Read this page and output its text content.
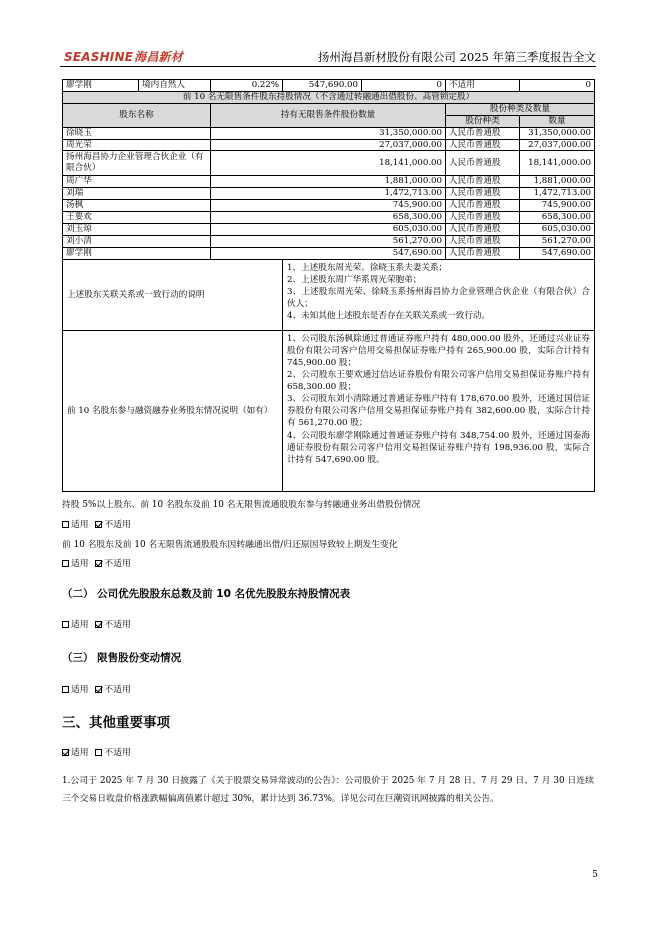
SEASHINE海昌新材	扬州海昌新材股份有限公司 2025 年第三季度报告全文
廖学刚	境内自然人	0.22%	547,690.00	0	不适用	0
前 10 名无限售条件股东持股情况（不含通过转融通出借股份、高管锁定股）						
股东名称		持有无限售条件股份数量			股份种类及数量	
					股份种类	数量
徐晓玉		31,350,000.00			人民币普通股	31,350,000.00
周光荣		27,037,000.00			人民币普通股	27,037,000.00
扬州海昌协力企业管理合伙企业（有限合伙）		18,141,000.00			人民币普通股	18,141,000.00
周广华		1,881,000.00			人民币普通股	1,881,000.00
刘瑞		1,472,713.00			人民币普通股	1,472,713.00
汤枫		745,900.00			人民币普通股	745,900.00
王要欢		658,300.00			人民币普通股	658,300.00
刘玉琼		605,030.00			人民币普通股	605,030.00
刘小清		561,270.00			人民币普通股	561,270.00
廖学刚		547,690.00			人民币普通股	547,690.00
上述股东关联关系或一致行动的说明			1、上述股东周光荣、徐晓玉系夫妻关系；
2、上述股东周广华系周光荣胞弟；
3、上述股东周光荣、徐晓玉系扬州海昌协力企业管理合伙企业（有限合伙）合伙人；
4、未知其他上述股东是否存在关联关系或一致行动。			

前 10 名股东参与融资融券业务股东情况说明（如有）			1、公司股东汤枫除通过普通证券账户持有 480,000.00 股外，还通过兴业证券股份有限公司客户信用交易担保证券账户持有 265,900.00 股，实际合计持有 745,900.00 股；
2、公司股东王要欢通过信达证券股份有限公司客户信用交易担保证券账户持有 658,300.00 股；
3、公司股东刘小清除通过普通证券账户持有 178,670.00 股外，还通过国信证券股份有限公司客户信用交易担保证券账户持有 382,600.00 股，实际合计持有 561,270.00 股；
4、公司股东廖学刚除通过普通证券账户持有 348,754.00 股外，还通过国泰海通证券股份有限公司客户信用交易担保证券账户持有 198,936.00 股，实际合计持有 547,690.00 股。			
持股 5%以上股东、前 10 名股东及前 10 名无限售流通股股东参与转融通业务出借股份情况
适用 不适用
前 10 名股东及前 10 名无限售流通股股东因转融通出借/归还原因导致较上期发生变化
适用 不适用
（二） 公司优先股股东总数及前 10 名优先股股东持股情况表
适用 不适用
（三） 限售股份变动情况
适用 不适用
三、其他重要事项
适用 不适用
1.公司于 2025 年 7 月 30 日披露了《关于股票交易异常波动的公告》：公司股价于 2025 年 7 月 28 日、7 月 29 日、7 月 30 日连续三个交易日收盘价格涨跌幅偏离值累计超过 30%，累计达到 36.73%。详见公司在巨潮资讯网披露的相关公告。
5
